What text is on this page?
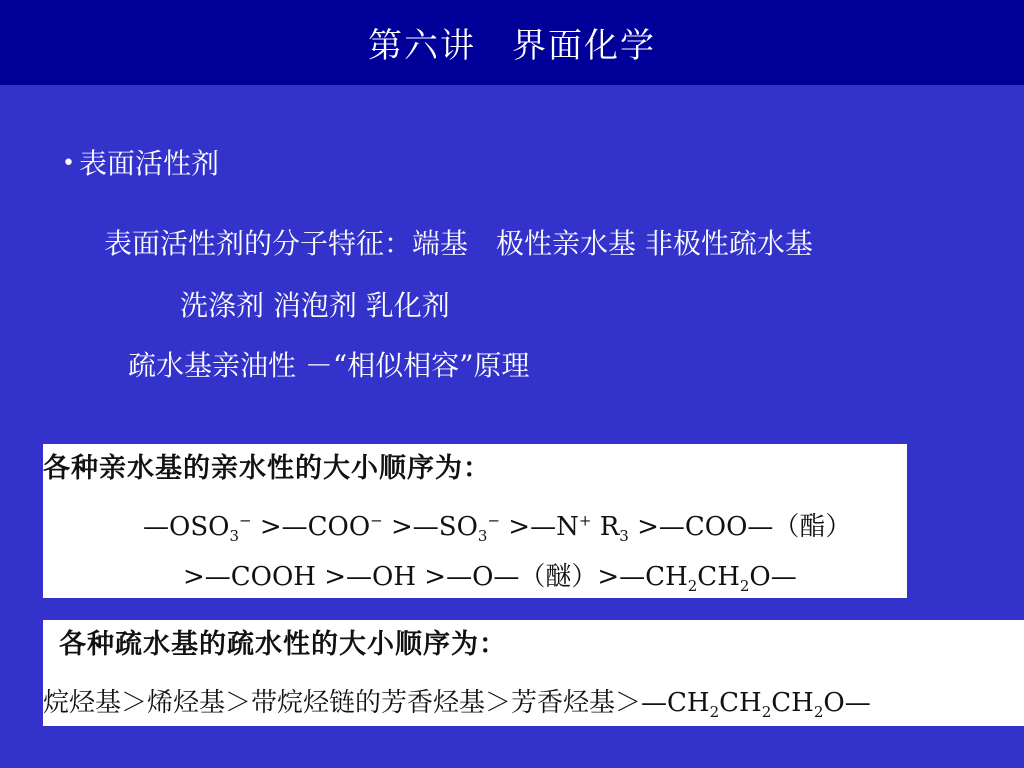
第六讲　界面化学
• 表面活性剂
表面活性剂的分子特征：端基　极性亲水基 非极性疏水基
洗涤剂 消泡剂 乳化剂
疏水基亲油性 －“相似相容”原理
各种亲水基的亲水性的大小顺序为：
$—OSO_3^-$ >—COO− $>—SO_3^-$ >—N+ $R_3$ >—COO—（酯）
>—COOH >—OH >—O—（醚）$>—CH_2CH_2O—$
各种疏水基的疏水性的大小顺序为：
烷烃基＞烯烃基＞带烷烃链的芳香烃基＞芳香烃基$>—CH_2CH_2CH_2O—$
